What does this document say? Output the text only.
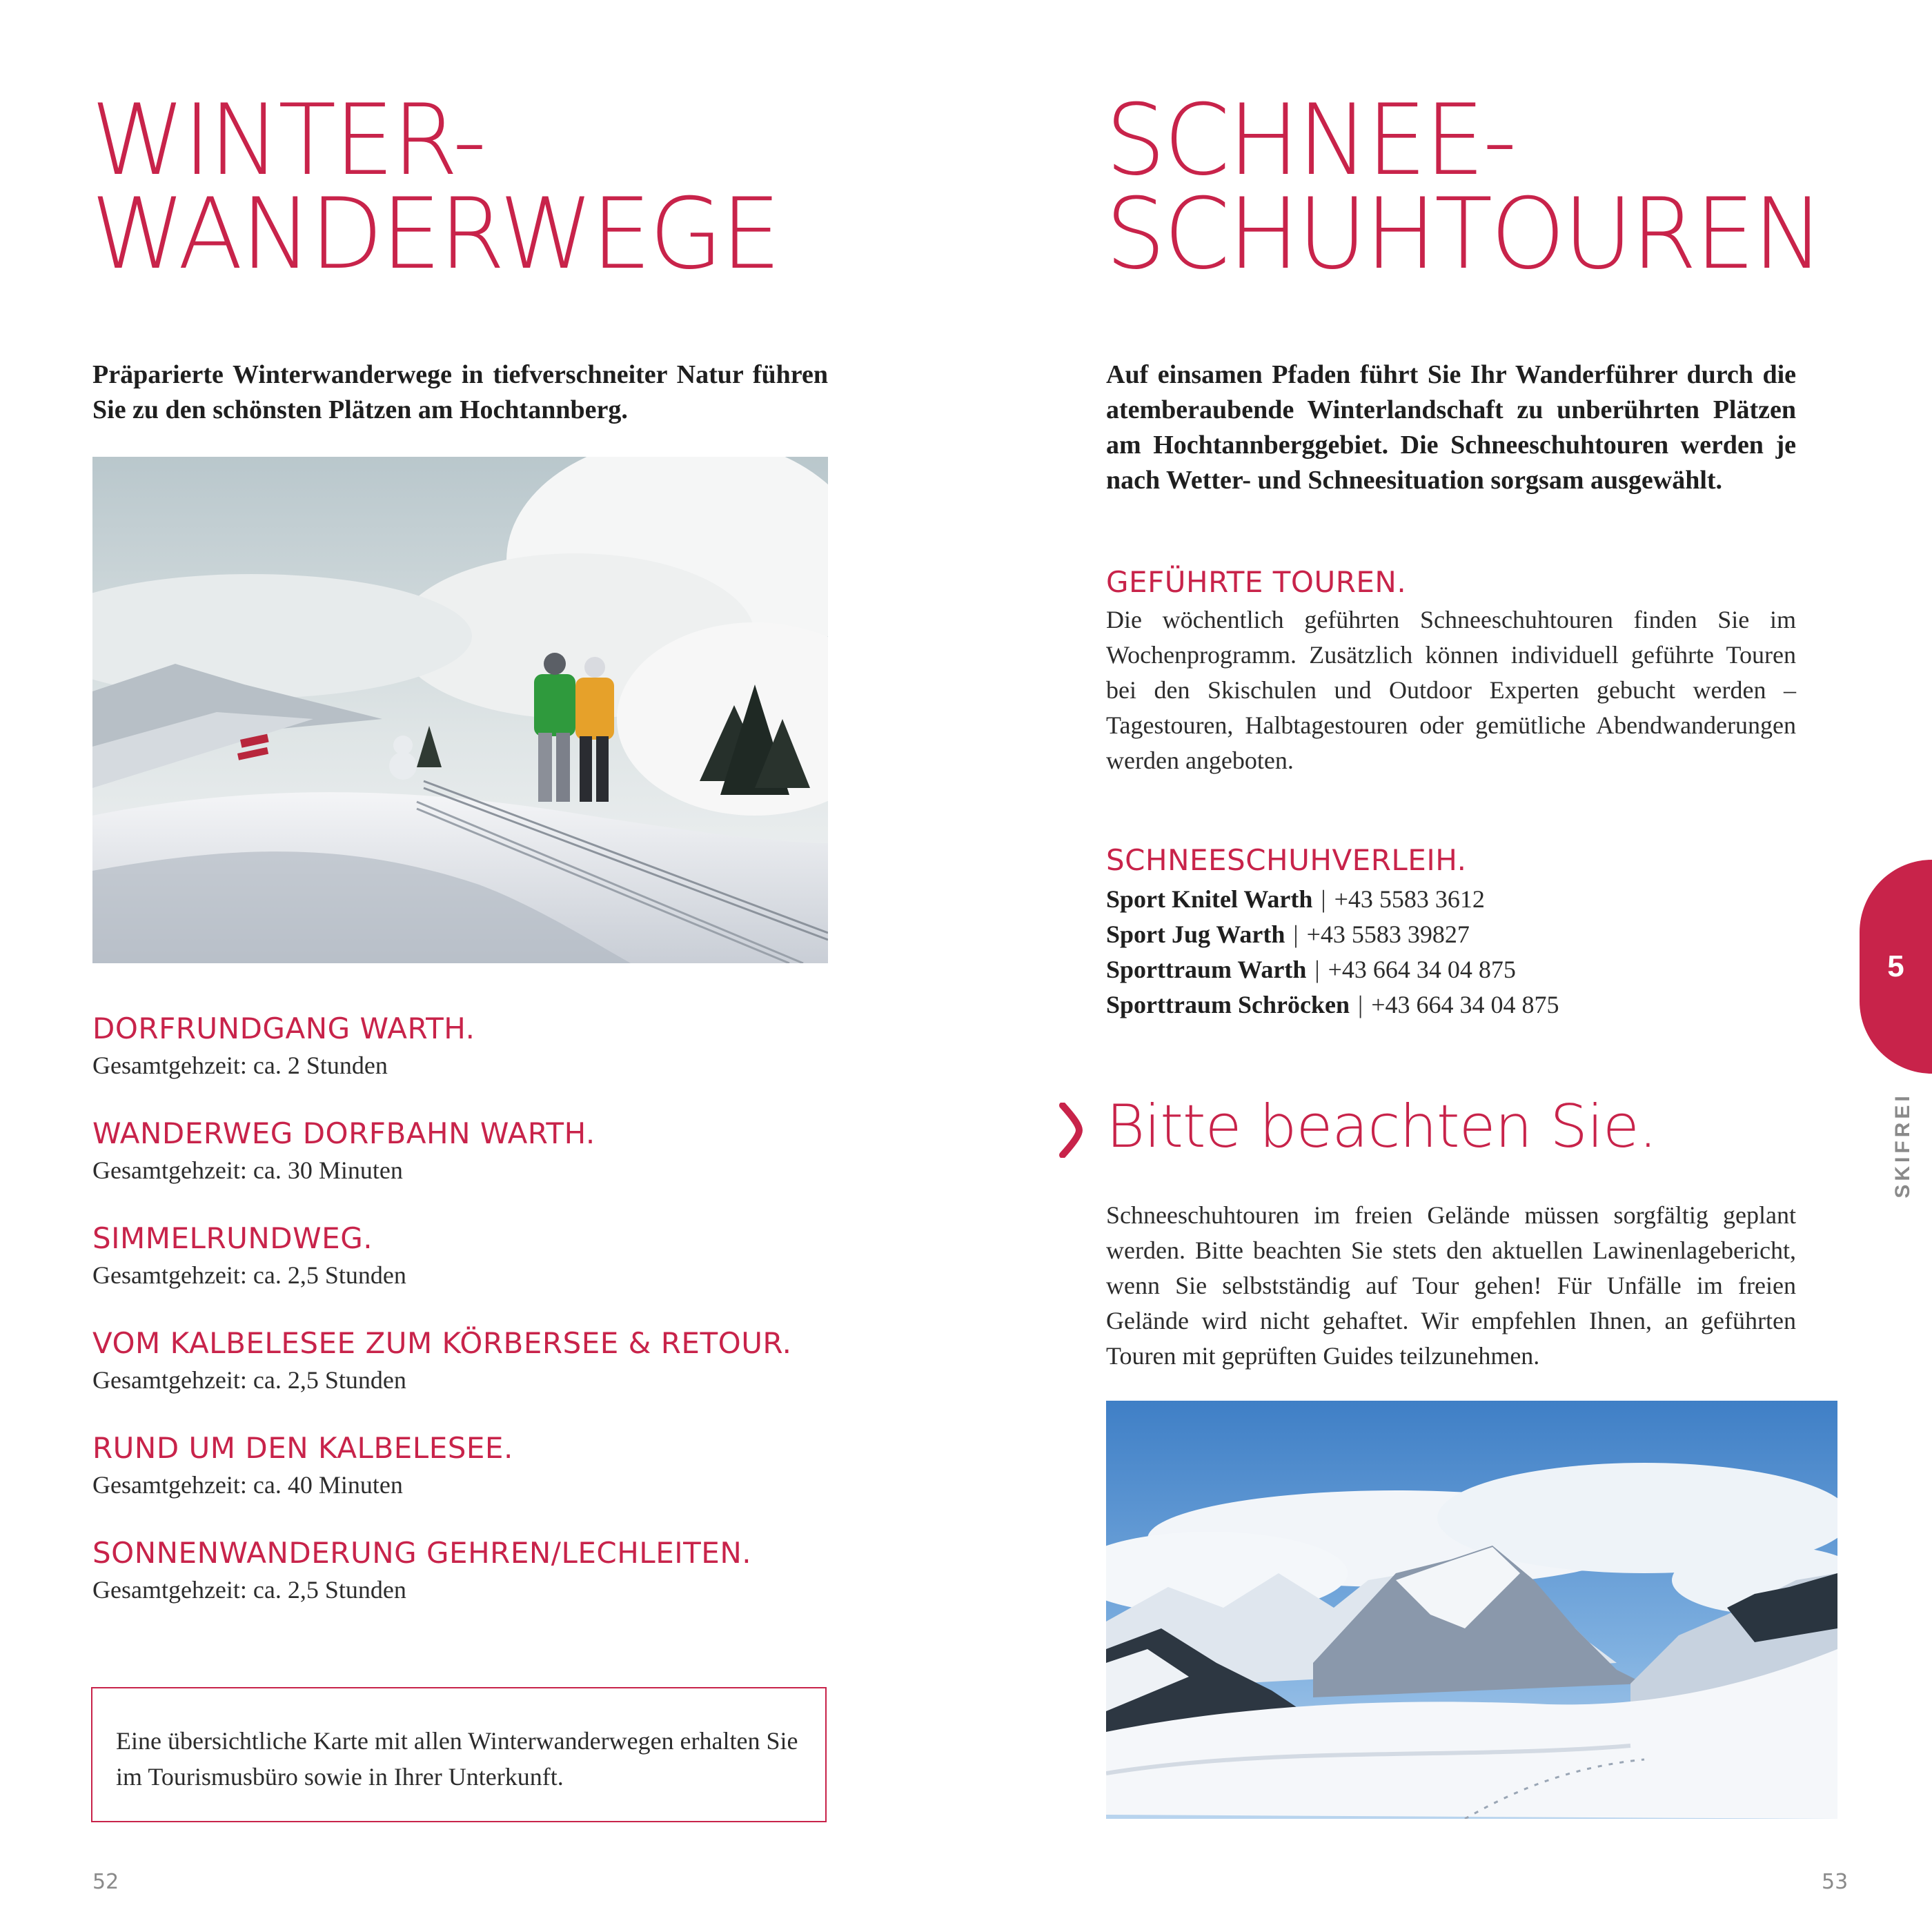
WINTER-
WANDERWEGE

Präparierte Winterwanderwege in tiefverschneiter Natur führen Sie zu den schönsten Plätzen am Hochtannberg.

DORFRUNDGANG WARTH.
Gesamtgehzeit: ca. 2 Stunden
WANDERWEG DORFBAHN WARTH.
Gesamtgehzeit: ca. 30 Minuten
SIMMELRUNDWEG.
Gesamtgehzeit: ca. 2,5 Stunden
VOM KALBELESEE ZUM KÖRBERSEE & RETOUR.
Gesamtgehzeit: ca. 2,5 Stunden
RUND UM DEN KALBELESEE.
Gesamtgehzeit: ca. 40 Minuten
SONNENWANDERUNG GEHREN/LECHLEITEN.
Gesamtgehzeit: ca. 2,5 Stunden
Eine übersichtliche Karte mit allen Winterwanderwegen erhalten Sie im Tourismusbüro sowie in Ihrer Unterkunft.
52
SCHNEE-
SCHUHTOUREN

Auf einsamen Pfaden führt Sie Ihr Wanderführer durch die atemberaubende Winterlandschaft zu unberührten Plätzen am Hochtannberggebiet. Die Schneeschuhtouren werden je nach Wetter- und Schneesituation sorgsam ausgewählt.

GEFÜHRTE TOUREN.
Die wöchentlich geführten Schneeschuhtouren finden Sie im Wochenprogramm. Zusätzlich können individuell geführte Touren bei den Skischulen und Outdoor Experten gebucht werden – Tagestouren, Halbtagestouren oder gemütliche Abendwanderungen werden angeboten.
SCHNEESCHUHVERLEIH.
Sport Knitel Warth | +43 5583 3612
Sport Jug Warth | +43 5583 39827
Sporttraum Warth | +43 664 34 04 875
Sporttraum Schröcken | +43 664 34 04 875
Bitte beachten Sie.
Schneeschuhtouren im freien Gelände müssen sorgfältig geplant werden. Bitte beachten Sie stets den aktuellen Lawinenlagebericht, wenn Sie selbstständig auf Tour gehen! Für Unfälle im freien Gelände wird nicht gehaftet. Wir empfehlen Ihnen, an geführten Touren mit geprüften Guides teilzunehmen.
53
5
SKIFREI
